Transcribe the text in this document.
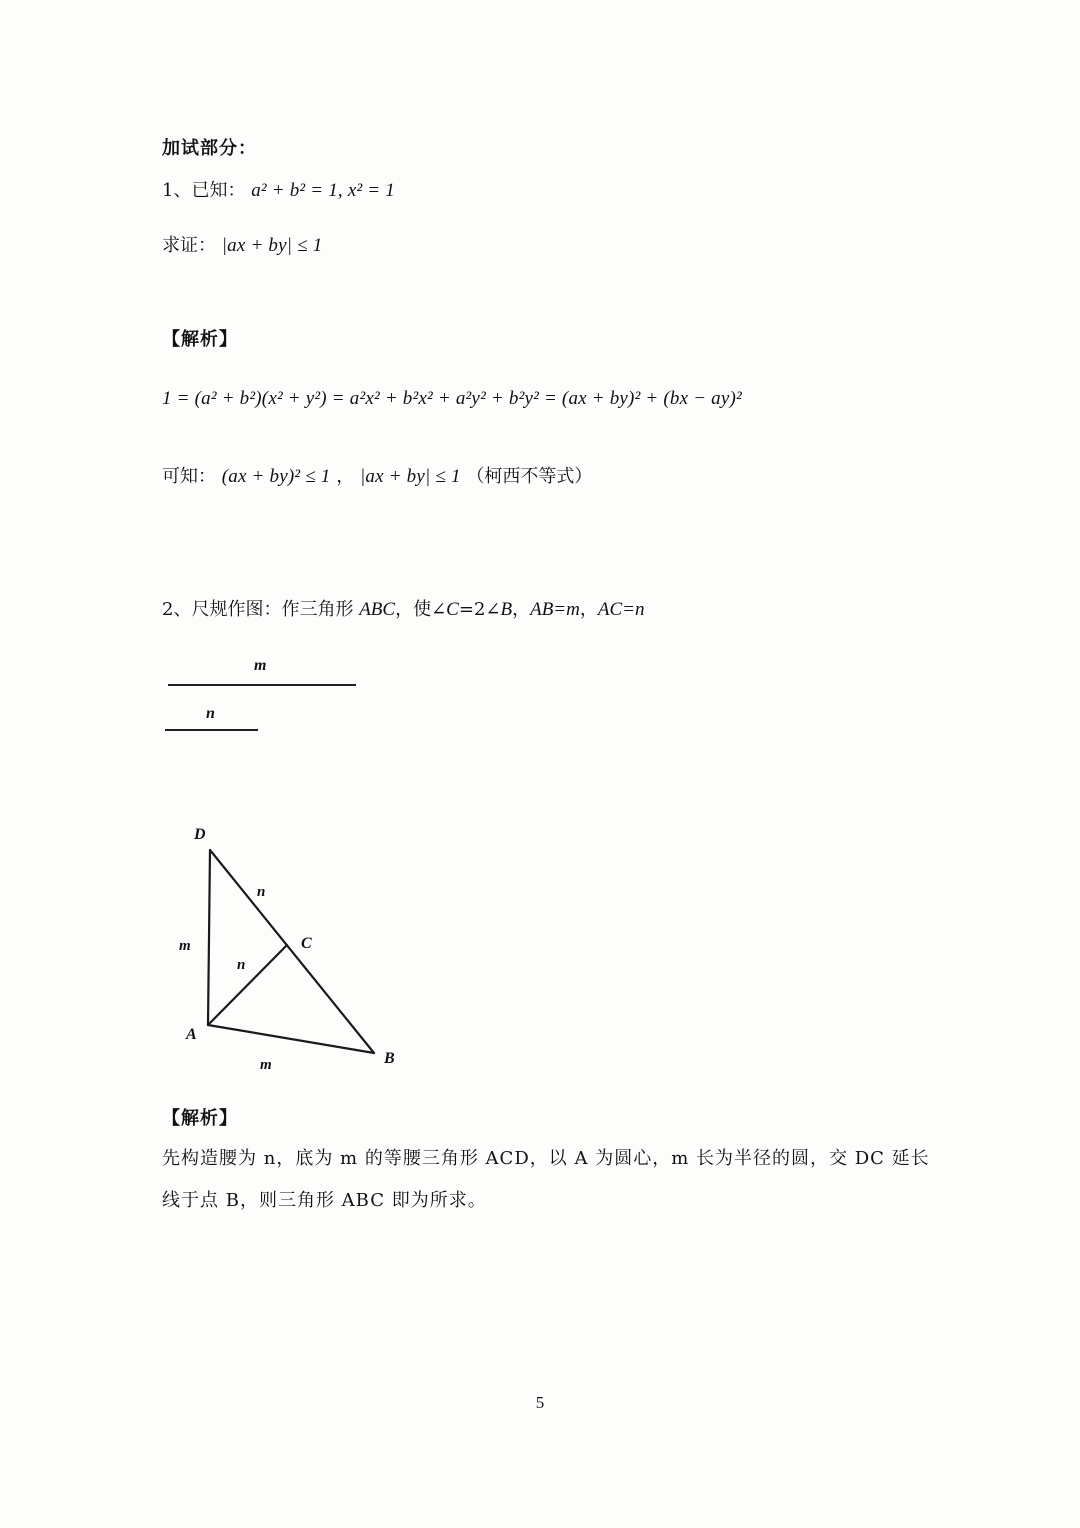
加试部分：
1、已知： a² + b² = 1, x² = 1
求证： |ax + by| ≤ 1
【解析】
1 = (a² + b²)(x² + y²) = a²x² + b²x² + a²y² + b²y² = (ax + by)² + (bx − ay)²
可知： (ax + by)² ≤ 1 ， |ax + by| ≤ 1 （柯西不等式）
2、尺规作图：作三角形 ABC，使∠C=2∠B，AB=m，AC=n
m
n
D
C
A
B
m
n
n
m
【解析】
先构造腰为 n，底为 m 的等腰三角形 ACD，以 A 为圆心，m 长为半径的圆，交 DC 延长线于点 B，则三角形 ABC 即为所求。
5
